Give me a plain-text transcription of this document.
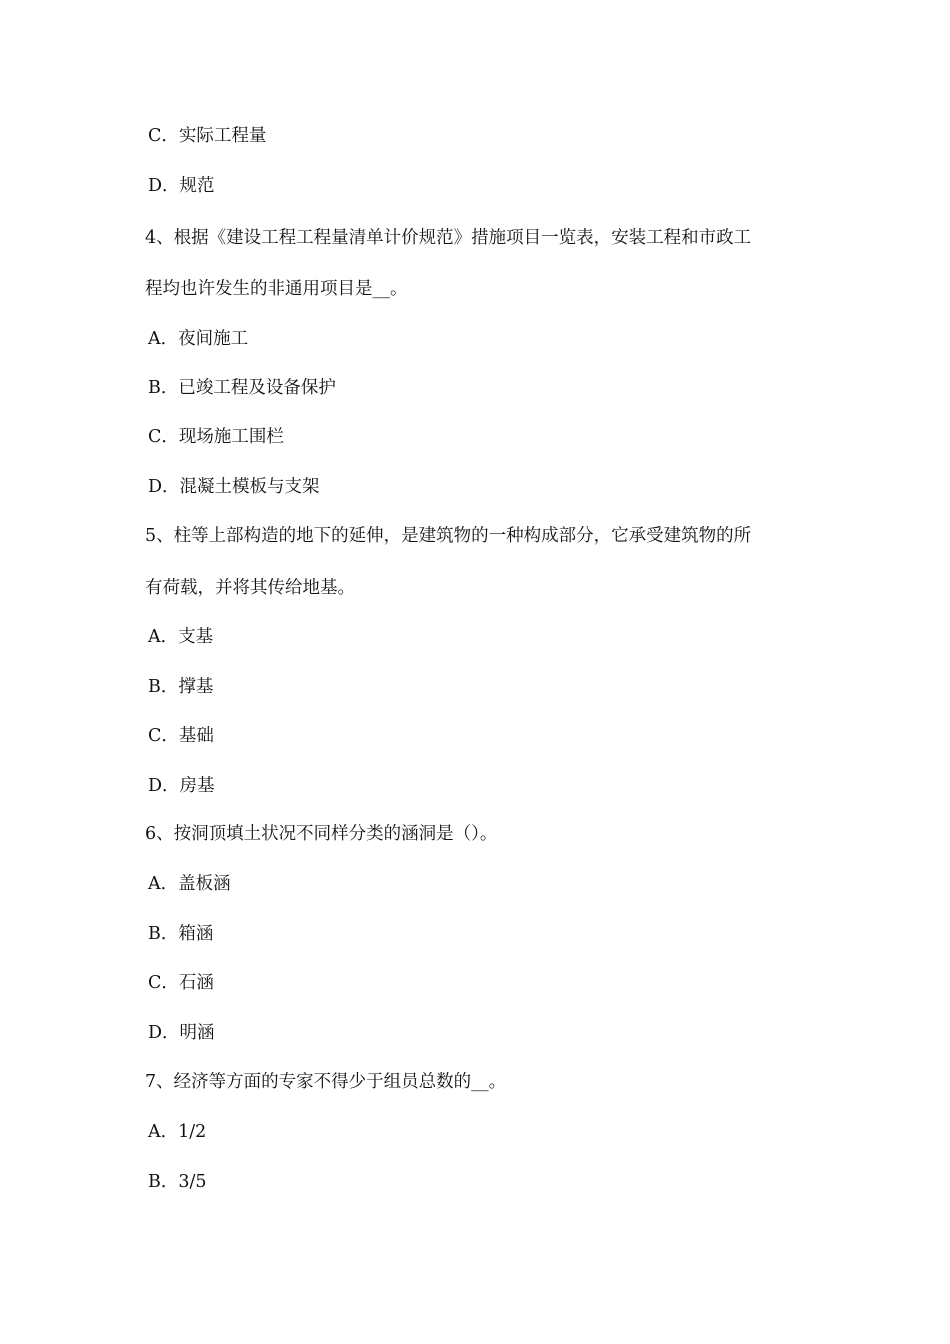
C．实际工程量
D．规范
4、根据《建设工程工程量清单计价规范》措施项目一览表，安装工程和市政工
程均也许发生的非通用项目是__。
A．夜间施工
B．已竣工程及设备保护
C．现场施工围栏
D．混凝土模板与支架
5、柱等上部构造的地下的延伸，是建筑物的一种构成部分，它承受建筑物的所
有荷载，并将其传给地基。
A．支基
B．撑基
C．基础
D．房基
6、按洞顶填土状况不同样分类的涵洞是（）。
A．盖板涵
B．箱涵
C．石涵
D．明涵
7、经济等方面的专家不得少于组员总数的__。
A．1/2
B．3/5
